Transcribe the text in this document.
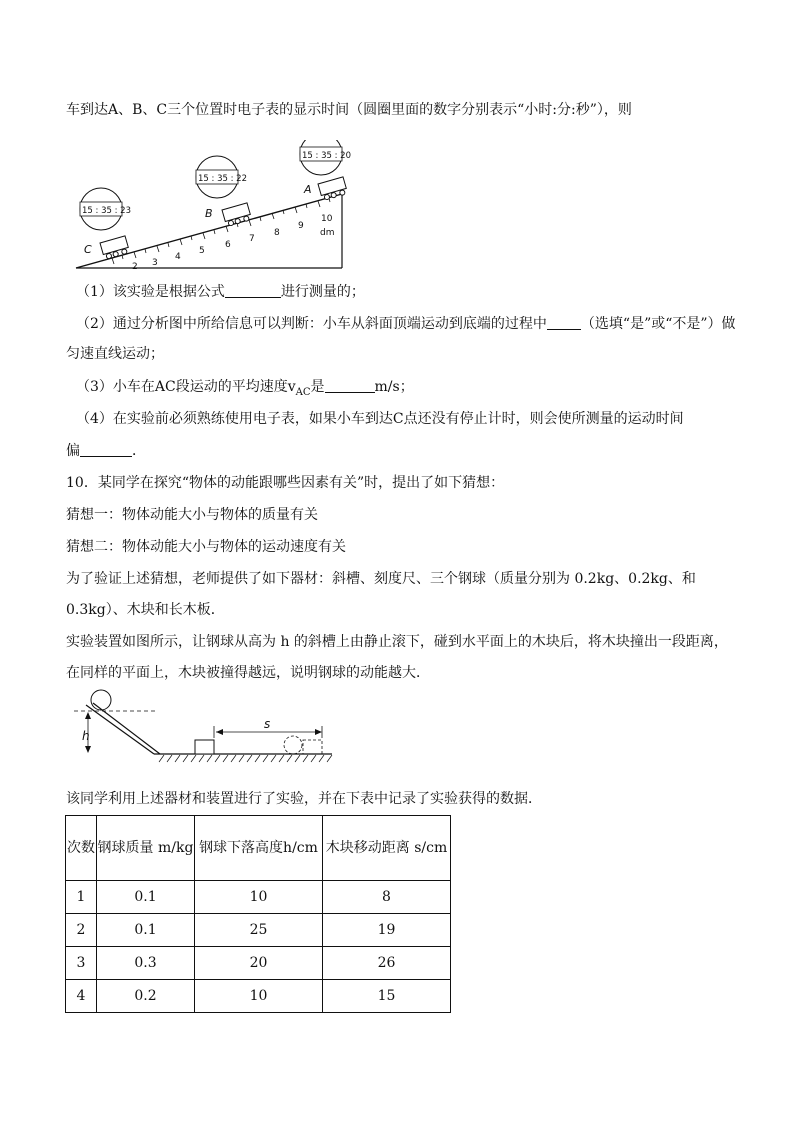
车到达A、B、C三个位置时电子表的显示时间（圆圈里面的数字分别表示“小时:分:秒”），则
2 3
4
5
6
7
8
9
10
dm
C
B
A
15 : 35 : 23
15 : 35 : 22
15 : 35 : 20
（1）该实验是根据公式	进行测量的；
（2）通过分析图中所给信息可以判断：小车从斜面顶端运动到底端的过程中 （选填“是”或“不是”）做
匀速直线运动；
（3）小车在AC段运动的平均速度$v_{AC}$是	m/s；
（4）在实验前必须熟练使用电子表，如果小车到达C点还没有停止计时，则会使所测量的运动时间
偏	．
10．某同学在探究“物体的动能跟哪些因素有关”时，提出了如下猜想：
猜想一：物体动能大小与物体的质量有关
猜想二：物体动能大小与物体的运动速度有关
为了验证上述猜想，老师提供了如下器材：斜槽、刻度尺、三个钢球（质量分别为 0.2kg、0.2kg、和
0.3kg）、木块和长木板．
实验装置如图所示，让钢球从高为 h 的斜槽上由静止滚下，碰到水平面上的木块后，将木块撞出一段距离，
在同样的平面上，木块被撞得越远，说明钢球的动能越大．
h
s
该同学利用上述器材和装置进行了实验，并在下表中记录了实验获得的数据．
次数	钢球质量 m/kg	钢球下落高度h/cm	木块移动距离 s/cm
1	0.1	10	8
2	0.1	25	19
3	0.3	20	26
4	0.2	10	15
